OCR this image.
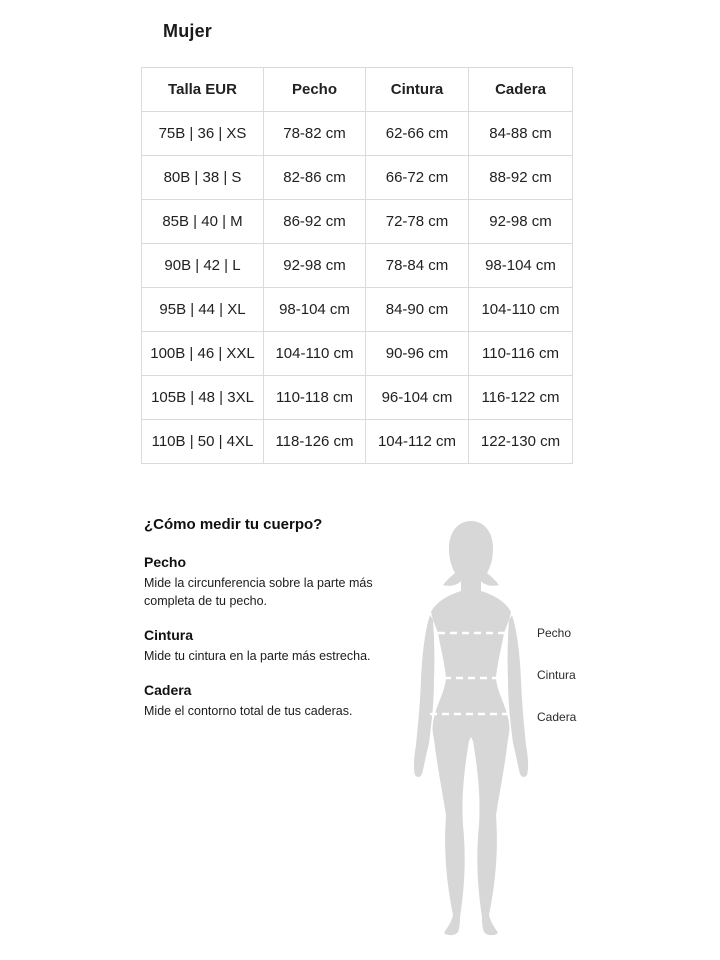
Mujer
Talla EUR	Pecho	Cintura	Cadera
75B | 36 | XS	78-82 cm	62-66 cm	84-88 cm
80B | 38 | S	82-86 cm	66-72 cm	88-92 cm
85B | 40 | M	86-92 cm	72-78 cm	92-98 cm
90B | 42 | L	92-98 cm	78-84 cm	98-104 cm
95B | 44 | XL	98-104 cm	84-90 cm	104-110 cm
100B | 46 | XXL	104-110 cm	90-96 cm	110-116 cm
105B | 48 | 3XL	110-118 cm	96-104 cm	116-122 cm
110B | 50 | 4XL	118-126 cm	104-112 cm	122-130 cm
¿Cómo medir tu cuerpo?
Pecho

Mide la circunferencia sobre la parte más completa de tu pecho.

Cintura

Mide tu cintura en la parte más estrecha.

Cadera

Mide el contorno total de tus caderas.

Pecho
Cintura
Cadera
